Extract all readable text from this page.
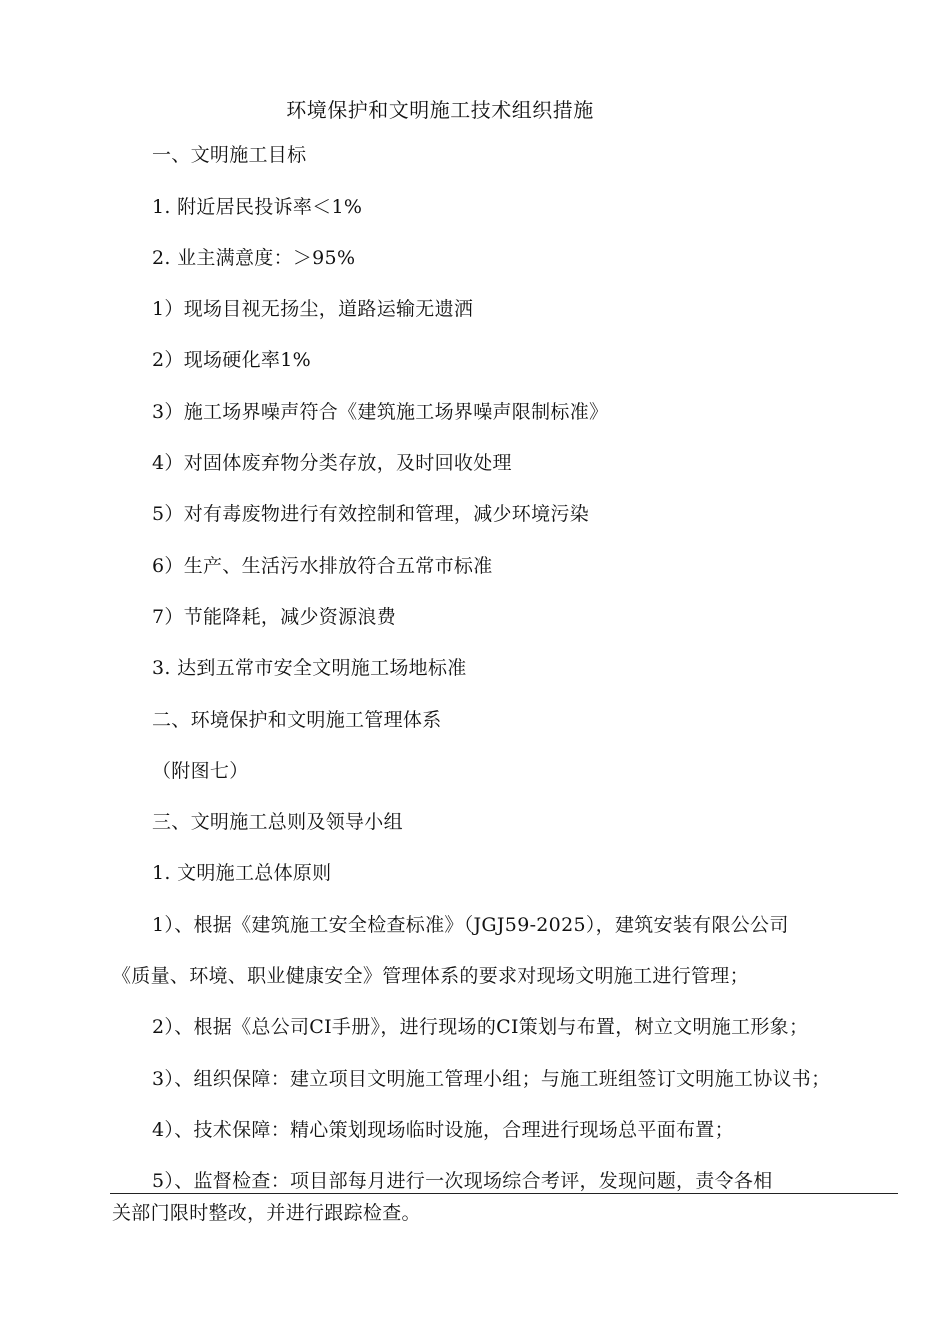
环境保护和文明施工技术组织措施
一、文明施工目标
1. 附近居民投诉率＜1%
2. 业主满意度：＞95%
1）现场目视无扬尘，道路运输无遗洒
2）现场硬化率1%
3）施工场界噪声符合《建筑施工场界噪声限制标准》
4）对固体废弃物分类存放，及时回收处理
5）对有毒废物进行有效控制和管理，减少环境污染
6）生产、生活污水排放符合五常市标准
7）节能降耗，减少资源浪费
3. 达到五常市安全文明施工场地标准
二、环境保护和文明施工管理体系
（附图七）
三、文明施工总则及领导小组
1. 文明施工总体原则
1）、根据《建筑施工安全检查标准》（JGJ59-2025），建筑安装有限公公司
《质量、环境、职业健康安全》管理体系的要求对现场文明施工进行管理；
2）、根据《总公司CI手册》，进行现场的CI策划与布置，树立文明施工形象；
3）、组织保障：建立项目文明施工管理小组；与施工班组签订文明施工协议书；
4）、技术保障：精心策划现场临时设施，合理进行现场总平面布置；
5）、监督检查：项目部每月进行一次现场综合考评，发现问题，责令各相
关部门限时整改，并进行跟踪检查。
